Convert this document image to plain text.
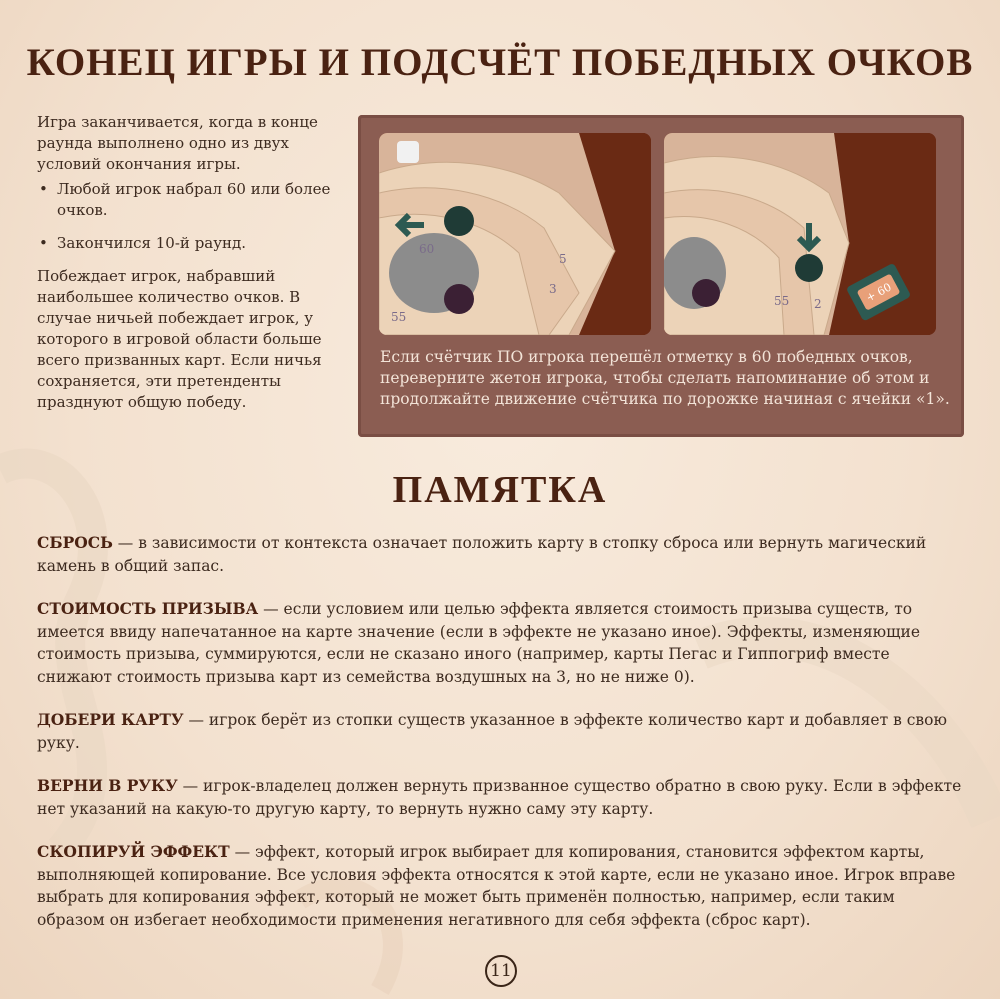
КОНЕЦ ИГРЫ И ПОДСЧЁТ ПОБЕДНЫХ ОЧКОВ

Игра заканчивается, когда в конце раунда выполнено одно из двух условий окончания игры.

• Любой игрок набрал 60 или более очков.
• Закончился 10-й раунд.

Побеждает игрок, набравший наибольшее количество очков. В случае ничьей побеждает игрок, у которого в игровой области больше всего призванных карт. Если ничья сохраняется, эти претенденты празднуют общую победу.

55
60
3
5
+ 60
55 2
Если счётчик ПО игрока перешёл отметку в 60 победных очков, переверните жетон игрока, чтобы сделать напоминание об этом и продолжайте движение счётчика по дорожке начиная с ячейки «1».
ПАМЯТКА
СБРОСЬ — в зависимости от контекста означает положить карту в стопку сброса или вернуть магический камень в общий запас.
СТОИМОСТЬ ПРИЗЫВА — если условием или целью эффекта является стоимость призыва существ, то имеется ввиду напечатанное на карте значение (если в эффекте не указано иное). Эффекты, изменяющие стоимость призыва, суммируются, если не сказано иного (например, карты Пегас и Гиппогриф вместе снижают стоимость призыва карт из семейства воздушных на 3, но не ниже 0).
ДОБЕРИ КАРТУ — игрок берёт из стопки существ указанное в эффекте количество карт и добавляет в свою руку.
ВЕРНИ В РУКУ — игрок-владелец должен вернуть призванное существо обратно в свою руку. Если в эффекте нет указаний на какую-то другую карту, то вернуть нужно саму эту карту.
СКОПИРУЙ ЭФФЕКТ — эффект, который игрок выбирает для копирования, становится эффектом карты, выполняющей копирование. Все условия эффекта относятся к этой карте, если не указано иное. Игрок вправе выбрать для копирования эффект, который не может быть применён полностью, например, если таким образом он избегает необходимости применения негативного для себя эффекта (сброс карт).
11
